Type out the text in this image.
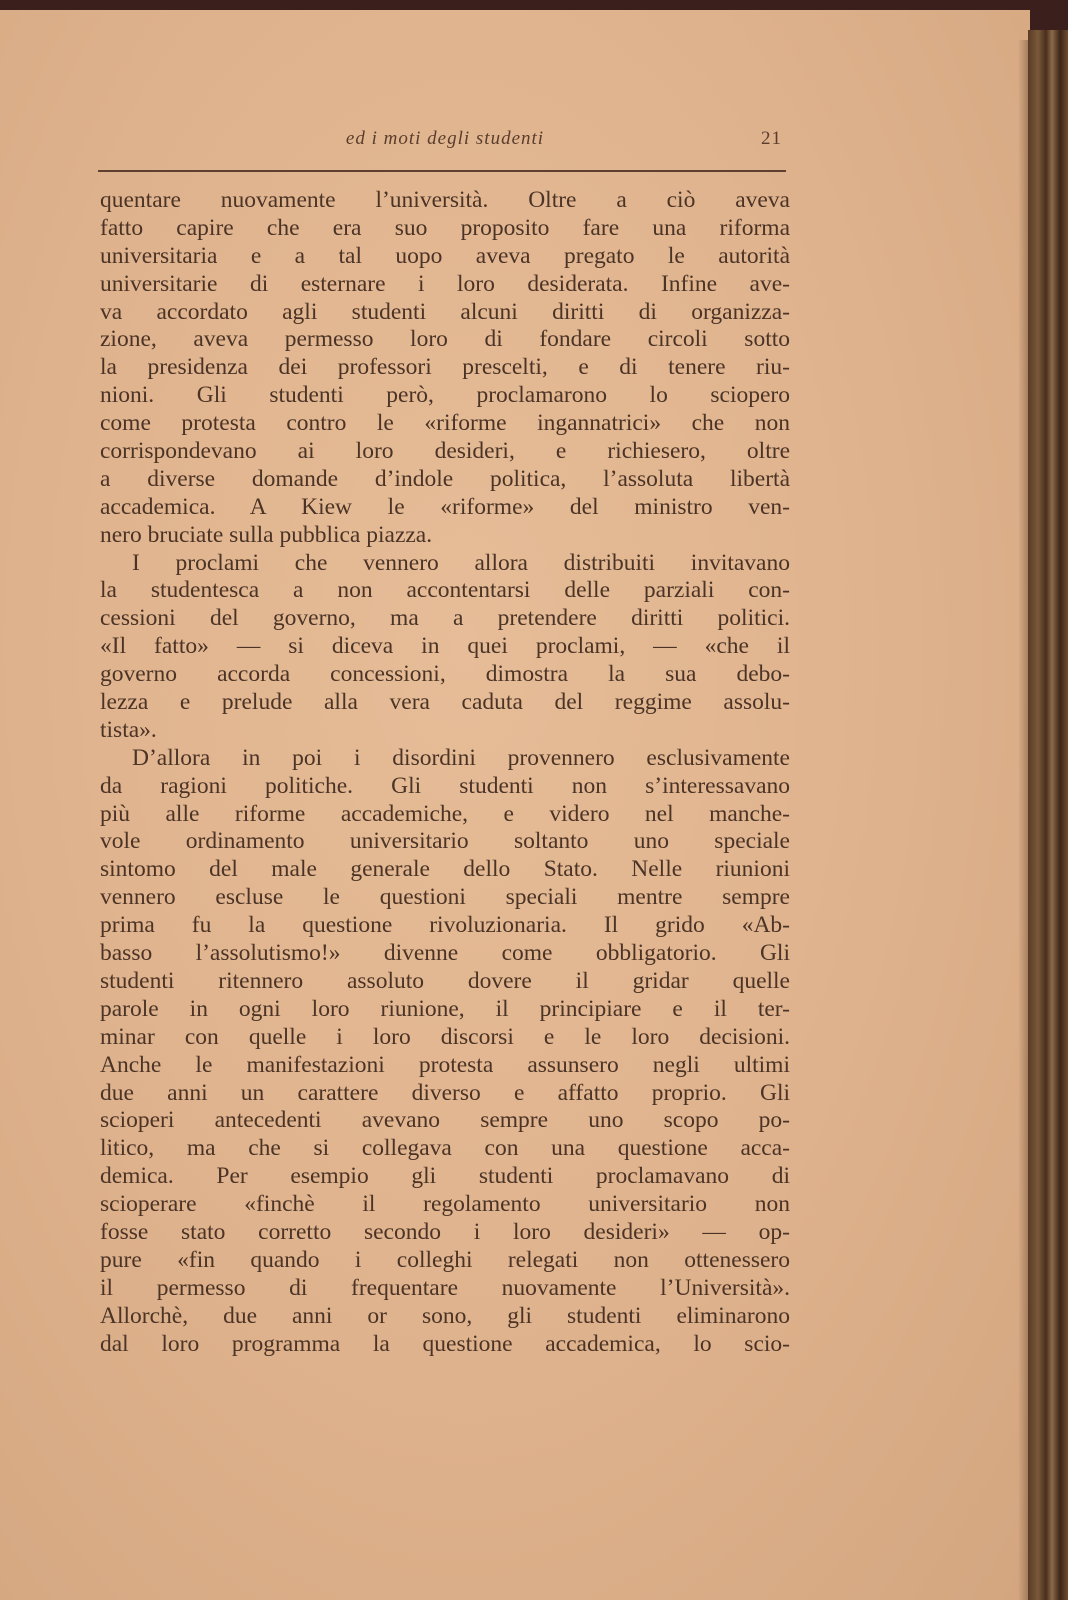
ed i moti degli studenti	21
quentare nuovamente l’università. Oltre a ciò aveva
fatto capire che era suo proposito fare una riforma
universitaria e a tal uopo aveva pregato le autorità
universitarie di esternare i loro desiderata. Infine ave-
va accordato agli studenti alcuni diritti di organizza-
zione, aveva permesso loro di fondare circoli sotto
la presidenza dei professori prescelti, e di tenere riu-
nioni. Gli studenti però, proclamarono lo sciopero
come protesta contro le «riforme ingannatrici» che non
corrispondevano ai loro desideri, e richiesero, oltre
a diverse domande d’indole politica, l’assoluta libertà
accademica. A Kiew le «riforme» del ministro ven-
nero bruciate sulla pubblica piazza.
I proclami che vennero allora distribuiti invitavano
la studentesca a non accontentarsi delle parziali con-
cessioni del governo, ma a pretendere diritti politici.
«Il fatto» — si diceva in quei proclami, — «che il
governo accorda concessioni, dimostra la sua debo-
lezza e prelude alla vera caduta del reggime assolu-
tista».
D’allora in poi i disordini provennero esclusivamente
da ragioni politiche. Gli studenti non s’interessavano
più alle riforme accademiche, e videro nel manche-
vole ordinamento universitario soltanto uno speciale
sintomo del male generale dello Stato. Nelle riunioni
vennero escluse le questioni speciali mentre sempre
prima fu la questione rivoluzionaria. Il grido «Ab-
basso l’assolutismo!» divenne come obbligatorio. Gli
studenti ritennero assoluto dovere il gridar quelle
parole in ogni loro riunione, il principiare e il ter-
minar con quelle i loro discorsi e le loro decisioni.
Anche le manifestazioni protesta assunsero negli ultimi
due anni un carattere diverso e affatto proprio. Gli
scioperi antecedenti avevano sempre uno scopo po-
litico, ma che si collegava con una questione acca-
demica. Per esempio gli studenti proclamavano di
scioperare «finchè il regolamento universitario non
fosse stato corretto secondo i loro desideri» — op-
pure «fin quando i colleghi relegati non ottenessero
il permesso di frequentare nuovamente l’Università».
Allorchè, due anni or sono, gli studenti eliminarono
dal loro programma la questione accademica, lo scio-
